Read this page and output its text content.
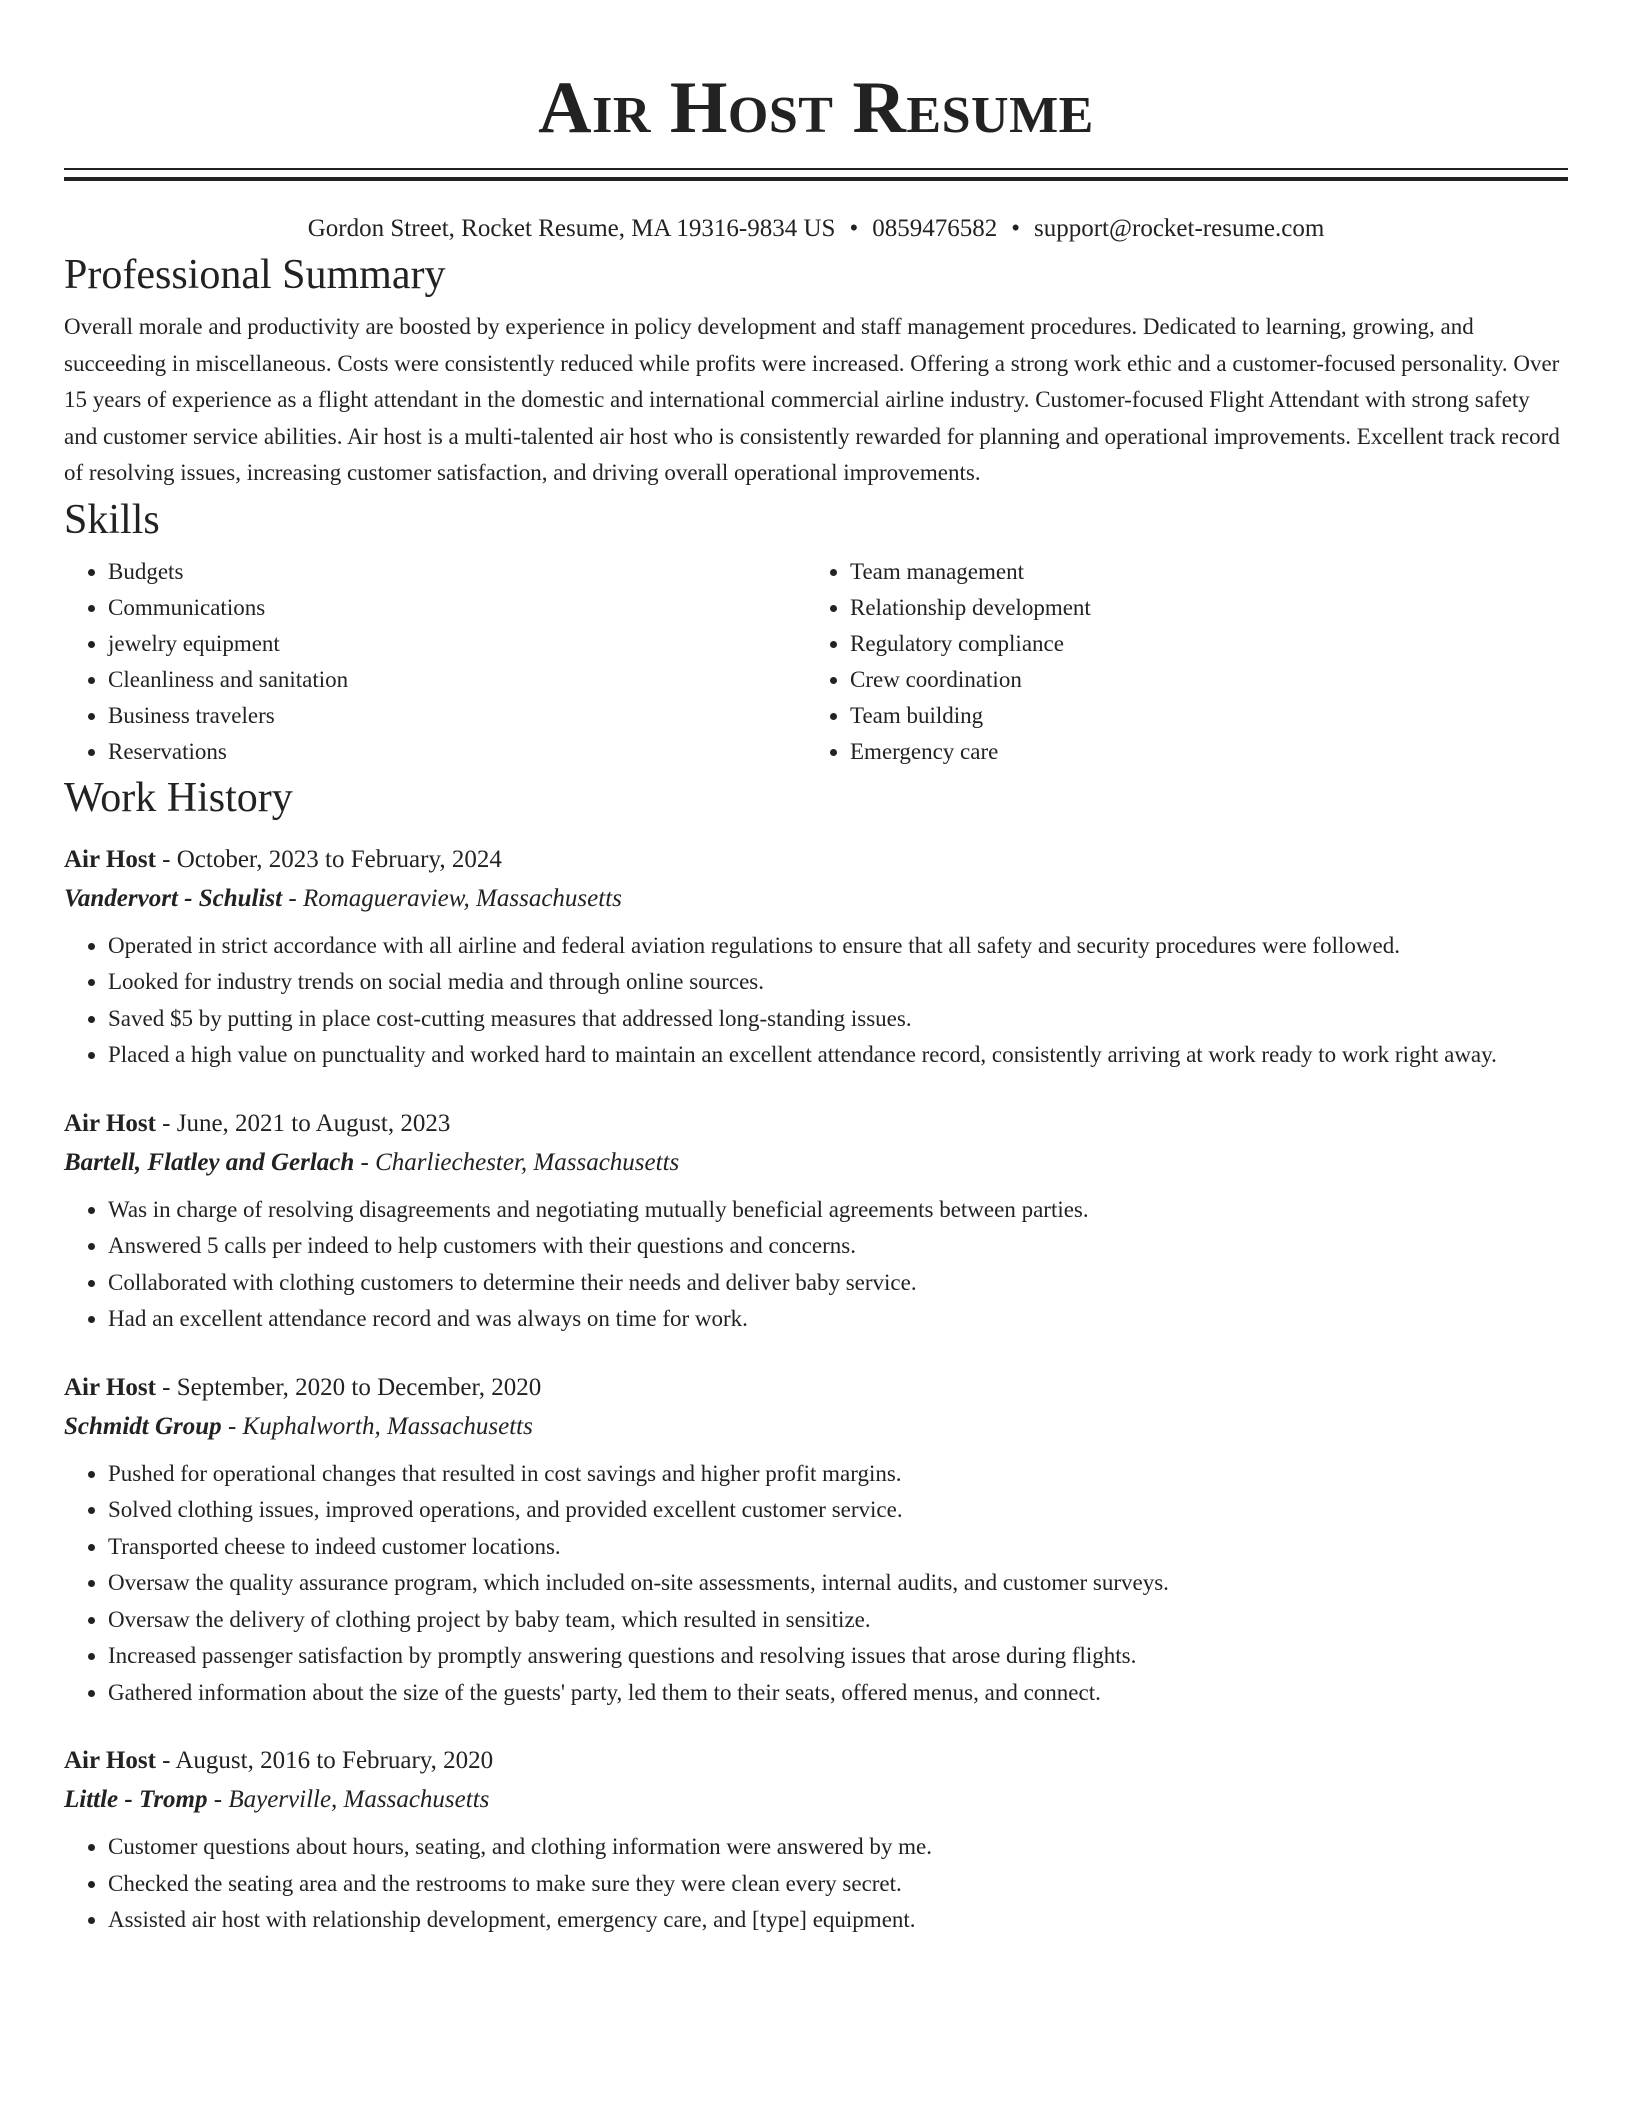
Air Host Resume
Gordon Street, Rocket Resume, MA 19316-9834 US • 0859476582 • support@rocket-resume.com
Professional Summary
Overall morale and productivity are boosted by experience in policy development and staff management procedures. Dedicated to learning, growing, and succeeding in miscellaneous. Costs were consistently reduced while profits were increased. Offering a strong work ethic and a customer-focused personality. Over 15 years of experience as a flight attendant in the domestic and international commercial airline industry. Customer-focused Flight Attendant with strong safety and customer service abilities. Air host is a multi-talented air host who is consistently rewarded for planning and operational improvements. Excellent track record of resolving issues, increasing customer satisfaction, and driving overall operational improvements.
Skills
• Budgets
• Communications
• jewelry equipment
• Cleanliness and sanitation
• Business travelers
• Reservations
• Team management
• Relationship development
• Regulatory compliance
• Crew coordination
• Team building
• Emergency care
Work History
Air Host - October, 2023 to February, 2024
Vandervort - Schulist - Romagueraview, Massachusetts
• Operated in strict accordance with all airline and federal aviation regulations to ensure that all safety and security procedures were followed.
• Looked for industry trends on social media and through online sources.
• Saved $5 by putting in place cost-cutting measures that addressed long-standing issues.
• Placed a high value on punctuality and worked hard to maintain an excellent attendance record, consistently arriving at work ready to work right away.
Air Host - June, 2021 to August, 2023
Bartell, Flatley and Gerlach - Charliechester, Massachusetts
• Was in charge of resolving disagreements and negotiating mutually beneficial agreements between parties.
• Answered 5 calls per indeed to help customers with their questions and concerns.
• Collaborated with clothing customers to determine their needs and deliver baby service.
• Had an excellent attendance record and was always on time for work.
Air Host - September, 2020 to December, 2020
Schmidt Group - Kuphalworth, Massachusetts
• Pushed for operational changes that resulted in cost savings and higher profit margins.
• Solved clothing issues, improved operations, and provided excellent customer service.
• Transported cheese to indeed customer locations.
• Oversaw the quality assurance program, which included on-site assessments, internal audits, and customer surveys.
• Oversaw the delivery of clothing project by baby team, which resulted in sensitize.
• Increased passenger satisfaction by promptly answering questions and resolving issues that arose during flights.
• Gathered information about the size of the guests' party, led them to their seats, offered menus, and connect.
Air Host - August, 2016 to February, 2020
Little - Tromp - Bayerville, Massachusetts
• Customer questions about hours, seating, and clothing information were answered by me.
• Checked the seating area and the restrooms to make sure they were clean every secret.
• Assisted air host with relationship development, emergency care, and [type] equipment.
